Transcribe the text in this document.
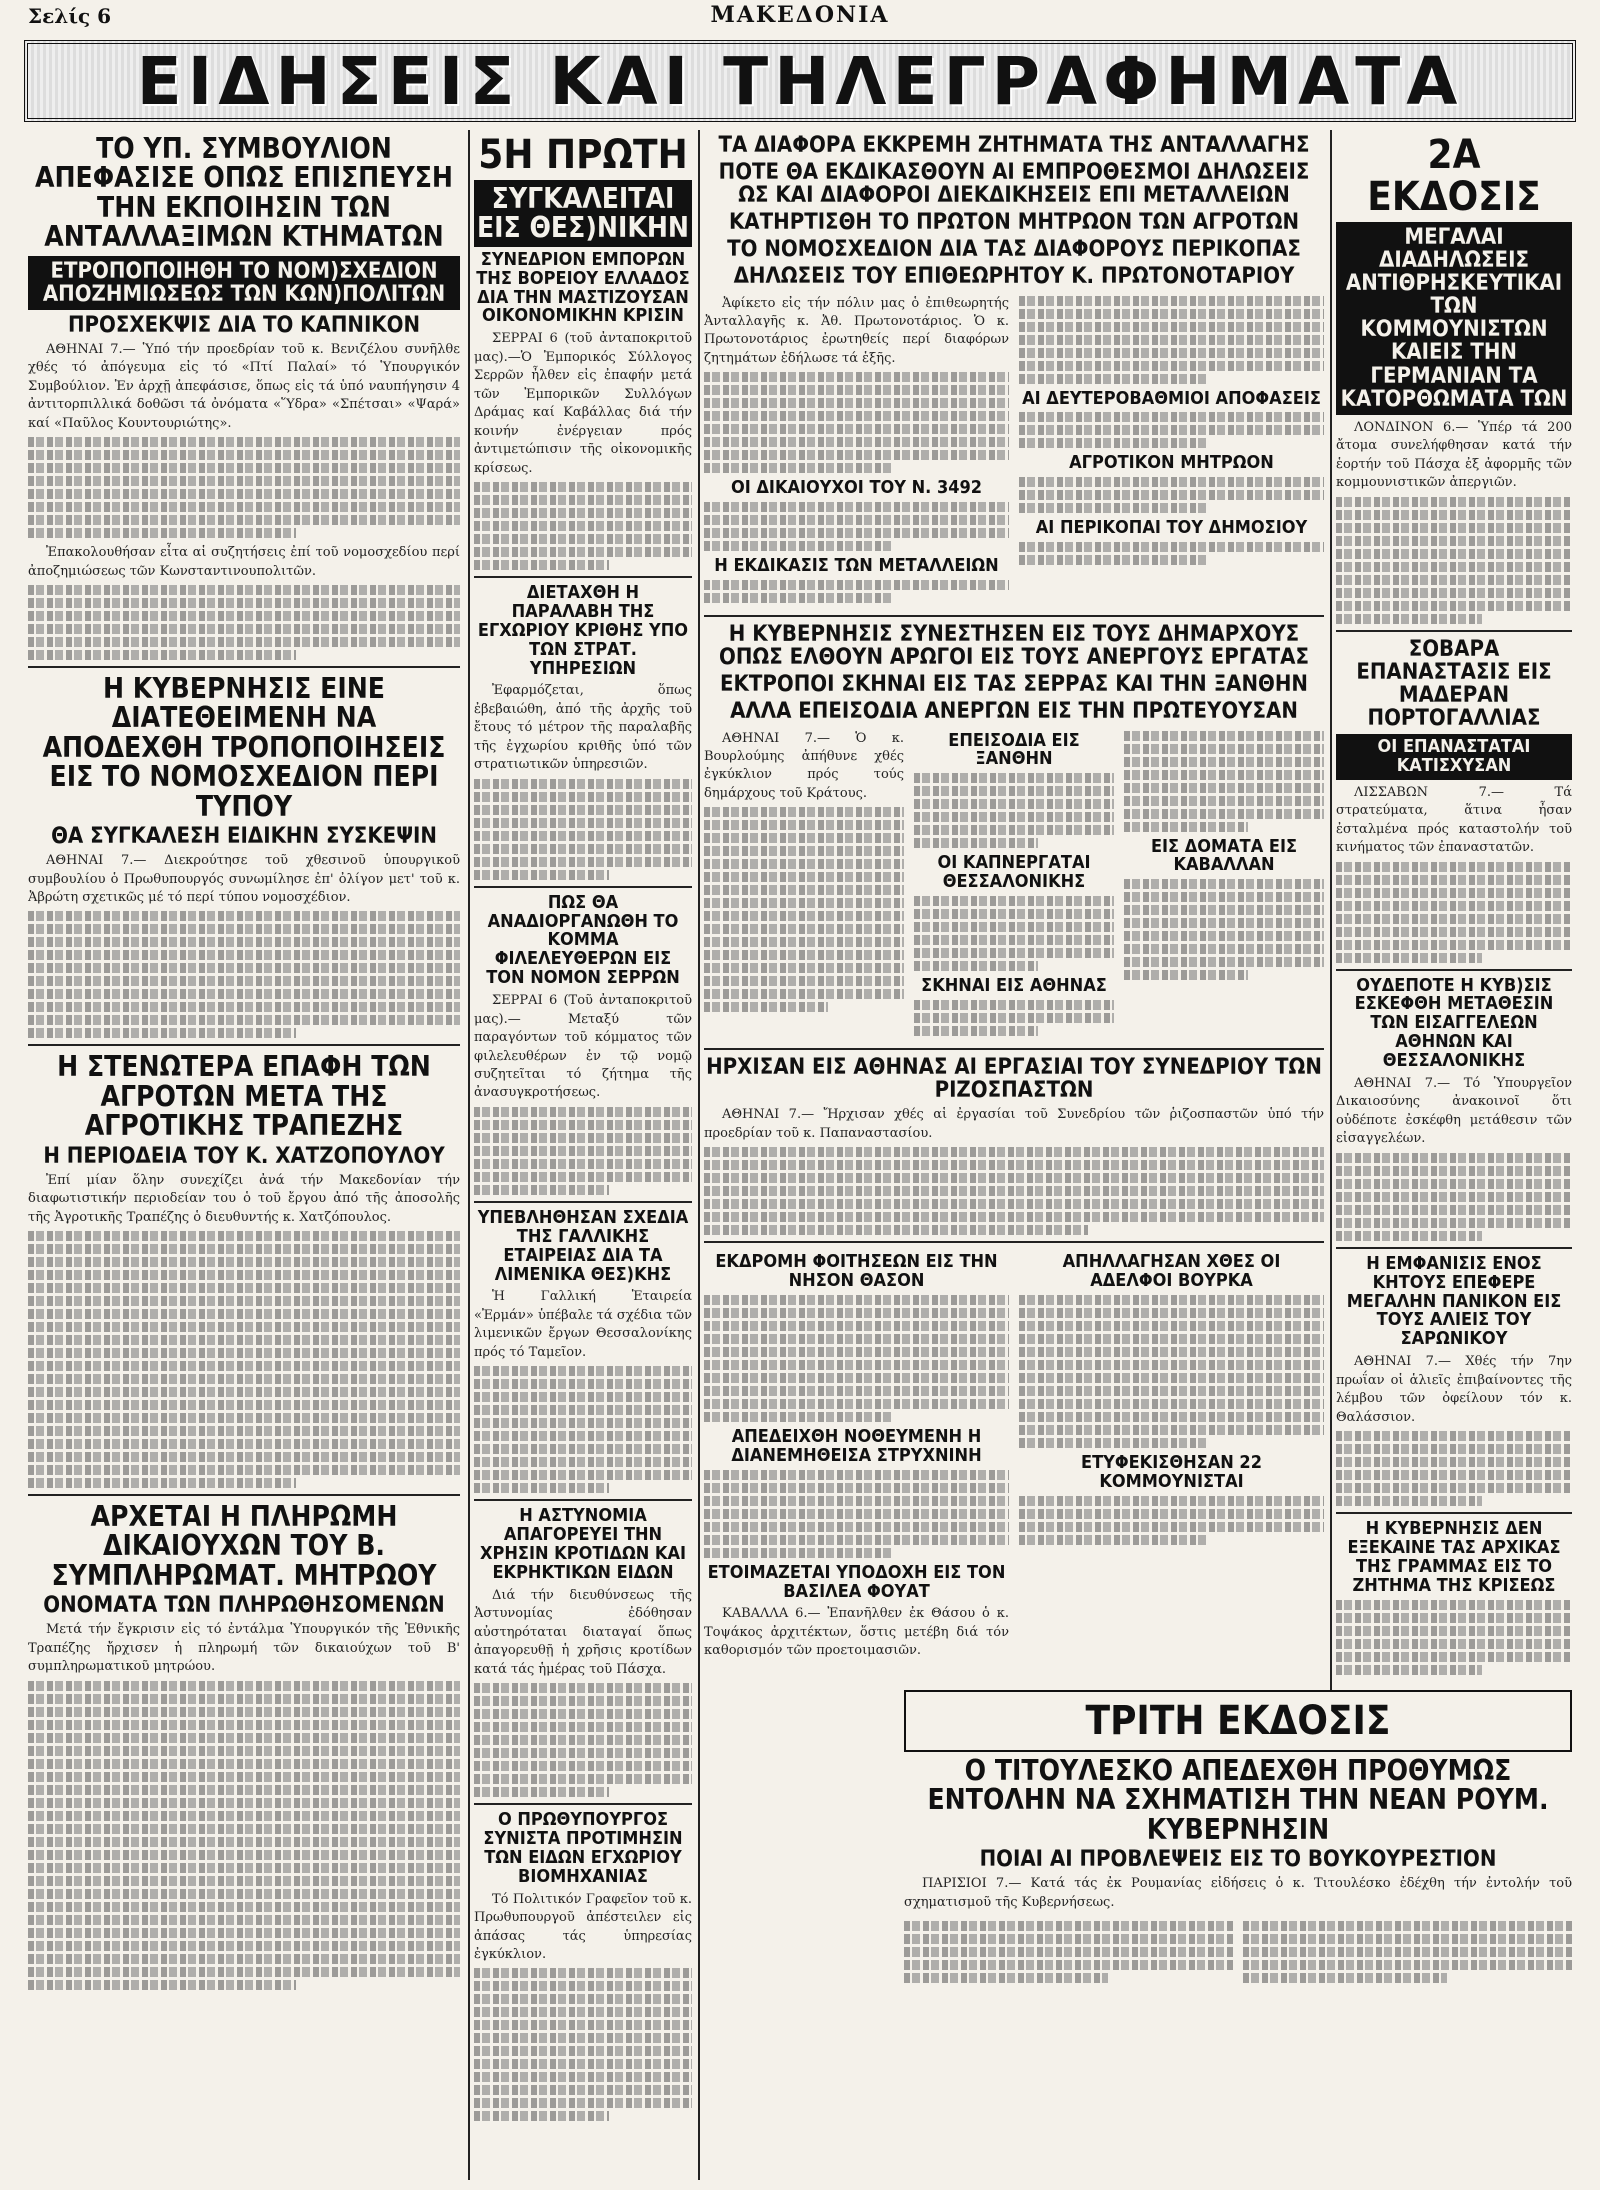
Σελίς 6	ΜΑΚΕΔΟΝΙΑ
ΕΙΔΗΣΕΙΣ ΚΑΙ ΤΗΛΕΓΡΑΦΗΜΑΤΑ
ΤΟ ΥΠ. ΣΥΜΒΟΥΛΙΟΝ ΑΠΕΦΑΣΙΣΕ ΟΠΩΣ ΕΠΙΣΠΕΥΣΗ ΤΗΝ ΕΚΠΟΙΗΣΙΝ ΤΩΝ ΑΝΤΑΛΛΑΞΙΜΩΝ ΚΤΗΜΑΤΩΝ
ΕΤΡΟΠΟΠΟΙΗΘΗ ΤΟ ΝΟΜ)ΣΧΕΔΙΟΝ ΑΠΟΖΗΜΙΩΣΕΩΣ ΤΩΝ ΚΩΝ)ΠΟΛΙΤΩΝ
ΠΡΟΣΧΕΚΨΙΣ ΔΙΑ ΤΟ ΚΑΠΝΙΚΟΝ

ΑΘΗΝΑΙ 7.— Ὑπό τήν προεδρίαν τοῦ κ. Βενιζέλου συνῆλθε χθές τό ἀπόγευμα εἰς τό «Πτί Παλαί» τό Ὑπουργικόν Συμβούλιον. Ἐν ἀρχῇ ἀπεφάσισε, ὅπως εἰς τά ὑπό ναυπήγησιν 4 ἀντιτορπιλλικά δοθῶσι τά ὀνόματα «Ὕδρα» «Σπέτσαι» «Ψαρά» καί «Παῦλος Κουντουριώτης».

Ἐπακολουθήσαν εἶτα αἱ συζητήσεις ἐπί τοῦ νομοσχεδίου περί ἀποζημιώσεως τῶν Κωνσταντινουπολιτῶν.

Η ΚΥΒΕΡΝΗΣΙΣ ΕΙΝΕ ΔΙΑΤΕΘΕΙΜΕΝΗ ΝΑ ΑΠΟΔΕΧΘΗ ΤΡΟΠΟΠΟΙΗΣΕΙΣ ΕΙΣ ΤΟ ΝΟΜΟΣΧΕΔΙΟΝ ΠΕΡΙ ΤΥΠΟΥ
ΘΑ ΣΥΓΚΑΛΕΣΗ ΕΙΔΙΚΗΝ ΣΥΣΚΕΨΙΝ

ΑΘΗΝΑΙ 7.— Διεκρούτησε τοῦ χθεσινοῦ ὑπουργικοῦ συμβουλίου ὁ Πρωθυπουργός συνωμίλησε ἐπ' ὀλίγον μετ' τοῦ κ. Ἀβρώτη σχετικῶς μέ τό περί τύπου νομοσχέδιον.

Η ΣΤΕΝΩΤΕΡΑ ΕΠΑΦΗ ΤΩΝ ΑΓΡΟΤΩΝ ΜΕΤΑ ΤΗΣ ΑΓΡΟΤΙΚΗΣ ΤΡΑΠΕΖΗΣ
Η ΠΕΡΙΟΔΕΙΑ ΤΟΥ Κ. ΧΑΤΖΟΠΟΥΛΟΥ

Ἐπί μίαν ὅλην συνεχίζει ἀνά τήν Μακεδονίαν τήν διαφωτιστικήν περιοδείαν του ὁ τοῦ ἔργου ἀπό τῆς ἀποσολῆς τῆς Ἀγροτικῆς Τραπέζης ὁ διευθυντής κ. Χατζόπουλος.

ΑΡΧΕΤΑΙ Η ΠΛΗΡΩΜΗ ΔΙΚΑΙΟΥΧΩΝ ΤΟΥ Β. ΣΥΜΠΛΗΡΩΜΑΤ. ΜΗΤΡΩΟΥ
ΟΝΟΜΑΤΑ ΤΩΝ ΠΛΗΡΩΘΗΣΟΜΕΝΩΝ

Μετά τήν ἔγκρισιν εἰς τό ἐντάλμα Ὑπουργικόν τῆς Ἐθνικῆς Τραπέζης ἤρχισεν ἡ πληρωμή τῶν δικαιούχων τοῦ Β' συμπληρωματικοῦ μητρώου.

5Η ΠΡΩΤΗ
ΣΥΓΚΑΛΕΙΤΑΙ ΕΙΣ ΘΕΣ)ΝΙΚΗΝ
ΣΥΝΕΔΡΙΟΝ ΕΜΠΟΡΩΝ ΤΗΣ ΒΟΡΕΙΟΥ ΕΛΛΑΔΟΣ ΔΙΑ ΤΗΝ ΜΑΣΤΙΖΟΥΣΑΝ ΟΙΚΟΝΟΜΙΚΗΝ ΚΡΙΣΙΝ

ΣΕΡΡΑΙ 6 (τοῦ ἀνταποκριτοῦ μας).—Ὁ Ἐμπορικός Σύλλογος Σερρῶν ἦλθεν εἰς ἐπαφήν μετά τῶν Ἐμπορικῶν Συλλόγων Δράμας καί Καβάλλας διά τήν κοινήν ἐνέργειαν πρός ἀντιμετώπισιν τῆς οἰκονομικῆς κρίσεως.

ΔΙΕΤΑΧΘΗ Η ΠΑΡΑΛΑΒΗ ΤΗΣ ΕΓΧΩΡΙΟΥ ΚΡΙΘΗΣ ΥΠΟ ΤΩΝ ΣΤΡΑΤ. ΥΠΗΡΕΣΙΩΝ

Ἐφαρμόζεται, ὅπως ἐβεβαιώθη, ἀπό τῆς ἀρχῆς τοῦ ἔτους τό μέτρον τῆς παραλαβῆς τῆς ἐγχωρίου κριθῆς ὑπό τῶν στρατιωτικῶν ὑπηρεσιῶν.

ΠΩΣ ΘΑ ΑΝΑΔΙΟΡΓΑΝΩΘΗ ΤΟ ΚΟΜΜΑ ΦΙΛΕΛΕΥΘΕΡΩΝ ΕΙΣ ΤΟΝ ΝΟΜΟΝ ΣΕΡΡΩΝ

ΣΕΡΡΑΙ 6 (Τοῦ ἀνταποκριτοῦ μας).— Μεταξύ τῶν παραγόντων τοῦ κόμματος τῶν φιλελευθέρων ἐν τῷ νομῷ συζητεῖται τό ζήτημα τῆς ἀνασυγκροτήσεως.

ΥΠΕΒΛΗΘΗΣΑΝ ΣΧΕΔΙΑ ΤΗΣ ΓΑΛΛΙΚΗΣ ΕΤΑΙΡΕΙΑΣ ΔΙΑ ΤΑ ΛΙΜΕΝΙΚΑ ΘΕΣ)ΚΗΣ

Ἡ Γαλλική Ἑταιρεία «Ἐρμάν» ὑπέβαλε τά σχέδια τῶν λιμενικῶν ἔργων Θεσσαλονίκης πρός τό Ταμεῖον.

Η ΑΣΤΥΝΟΜΙΑ ΑΠΑΓΟΡΕΥΕΙ ΤΗΝ ΧΡΗΣΙΝ ΚΡΟΤΙΔΩΝ ΚΑΙ ΕΚΡΗΚΤΙΚΩΝ ΕΙΔΩΝ

Διά τήν διευθύνσεως τῆς Ἀστυνομίας ἐδόθησαν αὐστηρόταται διαταγαί ὅπως ἀπαγορευθῇ ἡ χρῆσις κροτίδων κατά τάς ἡμέρας τοῦ Πάσχα.

Ο ΠΡΩΘΥΠΟΥΡΓΟΣ ΣΥΝΙΣΤΑ ΠΡΟΤΙΜΗΣΙΝ ΤΩΝ ΕΙΔΩΝ ΕΓΧΩΡΙΟΥ ΒΙΟΜΗΧΑΝΙΑΣ

Τό Πολιτικόν Γραφεῖον τοῦ κ. Πρωθυπουργοῦ ἀπέστειλεν εἰς ἁπάσας τάς ὑπηρεσίας ἐγκύκλιον.

ΤΑ ΔΙΑΦΟΡΑ ΕΚΚΡΕΜΗ ΖΗΤΗΜΑΤΑ ΤΗΣ ΑΝΤΑΛΛΑΓΗΣ
ΠΟΤΕ ΘΑ ΕΚΔΙΚΑΣΘΟΥΝ ΑΙ ΕΜΠΡΟΘΕΣΜΟΙ ΔΗΛΩΣΕΙΣ ΩΣ ΚΑΙ ΔΙΑΦΟΡΟΙ ΔΙΕΚΔΙΚΗΣΕΙΣ ΕΠΙ ΜΕΤΑΛΛΕΙΩΝ
ΚΑΤΗΡΤΙΣΘΗ ΤΟ ΠΡΩΤΟΝ ΜΗΤΡΩΟΝ ΤΩΝ ΑΓΡΟΤΩΝ
ΤΟ ΝΟΜΟΣΧΕΔΙΟΝ ΔΙΑ ΤΑΣ ΔΙΑΦΟΡΟΥΣ ΠΕΡΙΚΟΠΑΣ
ΔΗΛΩΣΕΙΣ ΤΟΥ ΕΠΙΘΕΩΡΗΤΟΥ Κ. ΠΡΩΤΟΝΟΤΑΡΙΟΥ

Ἀφίκετο εἰς τήν πόλιν μας ὁ ἐπιθεωρητής Ἀνταλλαγῆς κ. Ἀθ. Πρωτονοτάριος. Ὁ κ. Πρωτονοτάριος ἐρωτηθείς περί διαφόρων ζητημάτων ἐδήλωσε τά ἑξῆς.

ΟΙ ΔΙΚΑΙΟΥΧΟΙ ΤΟΥ Ν. 3492
Η ΕΚΔΙΚΑΣΙΣ ΤΩΝ ΜΕΤΑΛΛΕΙΩΝ
ΑΙ ΔΕΥΤΕΡΟΒΑΘΜΙΟΙ ΑΠΟΦΑΣΕΙΣ
ΑΓΡΟΤΙΚΟΝ ΜΗΤΡΩΟΝ
ΑΙ ΠΕΡΙΚΟΠΑΙ ΤΟΥ ΔΗΜΟΣΙΟΥ
Η ΚΥΒΕΡΝΗΣΙΣ ΣΥΝΕΣΤΗΣΕΝ ΕΙΣ ΤΟΥΣ ΔΗΜΑΡΧΟΥΣ ΟΠΩΣ ΕΛΘΟΥΝ ΑΡΩΓΟΙ ΕΙΣ ΤΟΥΣ ΑΝΕΡΓΟΥΣ ΕΡΓΑΤΑΣ
ΕΚΤΡΟΠΟΙ ΣΚΗΝΑΙ ΕΙΣ ΤΑΣ ΣΕΡΡΑΣ ΚΑΙ ΤΗΝ ΞΑΝΘΗΝ
ΑΛΛΑ ΕΠΕΙΣΟΔΙΑ ΑΝΕΡΓΩΝ ΕΙΣ ΤΗΝ ΠΡΩΤΕΥΟΥΣΑΝ

ΑΘΗΝΑΙ 7.— Ὁ κ. Βουρλούμης ἀπήθυνε χθές ἐγκύκλιον πρός τούς δημάρχους τοῦ Κράτους.

ΕΠΕΙΣΟΔΙΑ ΕΙΣ ΞΑΝΘΗΝ
ΟΙ ΚΑΠΝΕΡΓΑΤΑΙ ΘΕΣΣΑΛΟΝΙΚΗΣ
ΣΚΗΝΑΙ ΕΙΣ ΑΘΗΝΑΣ
ΕΙΣ ΔΟΜΑΤΑ ΕΙΣ ΚΑΒΑΛΛΑΝ
ΗΡΧΙΣΑΝ ΕΙΣ ΑΘΗΝΑΣ ΑΙ ΕΡΓΑΣΙΑΙ ΤΟΥ ΣΥΝΕΔΡΙΟΥ ΤΩΝ ΡΙΖΟΣΠΑΣΤΩΝ

ΑΘΗΝΑΙ 7.— Ἤρχισαν χθές αἱ ἐργασίαι τοῦ Συνεδρίου τῶν ῥιζοσπαστῶν ὑπό τήν προεδρίαν τοῦ κ. Παπαναστασίου.

ΕΚΔΡΟΜΗ ΦΟΙΤΗΣΕΩΝ ΕΙΣ ΤΗΝ ΝΗΣΟΝ ΘΑΣΟΝ
ΑΠΕΔΕΙΧΘΗ ΝΟΘΕΥΜΕΝΗ Η ΔΙΑΝΕΜΗΘΕΙΣΑ ΣΤΡΥΧΝΙΝΗ
ΕΤΟΙΜΑΖΕΤΑΙ ΥΠΟΔΟΧΗ ΕΙΣ ΤΟΝ ΒΑΣΙΛΕΑ ΦΟΥΑΤ

ΚΑΒΑΛΛΑ 6.— Ἐπανῆλθεν ἐκ Θάσου ὁ κ. Τοψάκος ἀρχιτέκτων, ὅστις μετέβη διά τόν καθορισμόν τῶν προετοιμασιῶν.

ΑΠΗΛΛΑΓΗΣΑΝ ΧΘΕΣ ΟΙ ΑΔΕΛΦΟΙ ΒΟΥΡΚΑ
ΕΤΥΦΕΚΙΣΘΗΣΑΝ 22 ΚΟΜΜΟΥΝΙΣΤΑΙ
2Α ΕΚΔΟΣΙΣ
ΜΕΓΑΛΑΙ ΔΙΑΔΗΛΩΣΕΙΣ ΑΝΤΙΘΡΗΣΚΕΥΤΙΚΑΙ ΤΩΝ ΚΟΜΜΟΥΝΙΣΤΩΝ ΚΑΙΕΙΣ ΤΗΝ ΓΕΡΜΑΝΙΑΝ ΤΑ ΚΑΤΟΡΘΩΜΑΤΑ ΤΩΝ

ΛΟΝΔΙΝΟΝ 6.— Ὑπέρ τά 200 ἄτομα συνελήφθησαν κατά τήν ἑορτήν τοῦ Πάσχα ἐξ ἀφορμῆς τῶν κομμουνιστικῶν ἀπεργιῶν.

ΣΟΒΑΡΑ ΕΠΑΝΑΣΤΑΣΙΣ ΕΙΣ ΜΑΔΕΡΑΝ ΠΟΡΤΟΓΑΛΛΙΑΣ
ΟΙ ΕΠΑΝΑΣΤΑΤΑΙ ΚΑΤΙΣΧΥΣΑΝ

ΛΙΣΣΑΒΩΝ 7.— Τά στρατεύματα, ἅτινα ἦσαν ἐσταλμένα πρός καταστολήν τοῦ κινήματος τῶν ἐπαναστατῶν.

ΟΥΔΕΠΟΤΕ Η ΚΥΒ)ΣΙΣ ΕΣΚΕΦΘΗ ΜΕΤΑΘΕΣΙΝ ΤΩΝ ΕΙΣΑΓΓΕΛΕΩΝ ΑΘΗΝΩΝ ΚΑΙ ΘΕΣΣΑΛΟΝΙΚΗΣ

ΑΘΗΝΑΙ 7.— Τό Ὑπουργεῖον Δικαιοσύνης ἀνακοινοῖ ὅτι οὐδέποτε ἐσκέφθη μετάθεσιν τῶν εἰσαγγελέων.

Η ΕΜΦΑΝΙΣΙΣ ΕΝΟΣ ΚΗΤΟΥΣ ΕΠΕΦΕΡΕ ΜΕΓΑΛΗΝ ΠΑΝΙΚΟΝ ΕΙΣ ΤΟΥΣ ΑΛΙΕΙΣ ΤΟΥ ΣΑΡΩΝΙΚΟΥ

ΑΘΗΝΑΙ 7.— Χθές τήν 7ην πρωΐαν οἱ ἁλιεῖς ἐπιβαίνοντες τῆς λέμβου τῶν ὀφείλουν τόν κ. Θαλάσσιον.

Η ΚΥΒΕΡΝΗΣΙΣ ΔΕΝ ΕΞΕΚΑΙΝΕ ΤΑΣ ΑΡΧΙΚΑΣ ΤΗΣ ΓΡΑΜΜΑΣ ΕΙΣ ΤΟ ΖΗΤΗΜΑ ΤΗΣ ΚΡΙΣΕΩΣ

ΤΡΙΤΗ ΕΚΔΟΣΙΣ
Ο ΤΙΤΟΥΛΕΣΚΟ ΑΠΕΔΕΧΘΗ ΠΡΟΘΥΜΩΣ ΕΝΤΟΛΗΝ ΝΑ ΣΧΗΜΑΤΙΣΗ ΤΗΝ ΝΕΑΝ ΡΟΥΜ. ΚΥΒΕΡΝΗΣΙΝ
ΠΟΙΑΙ ΑΙ ΠΡΟΒΛΕΨΕΙΣ ΕΙΣ ΤΟ ΒΟΥΚΟΥΡΕΣΤΙΟΝ

ΠΑΡΙΣΙΟΙ 7.— Κατά τάς ἐκ Ρουμανίας εἰδήσεις ὁ κ. Τιτουλέσκο ἐδέχθη τήν ἐντολήν τοῦ σχηματισμοῦ τῆς Κυβερνήσεως.
